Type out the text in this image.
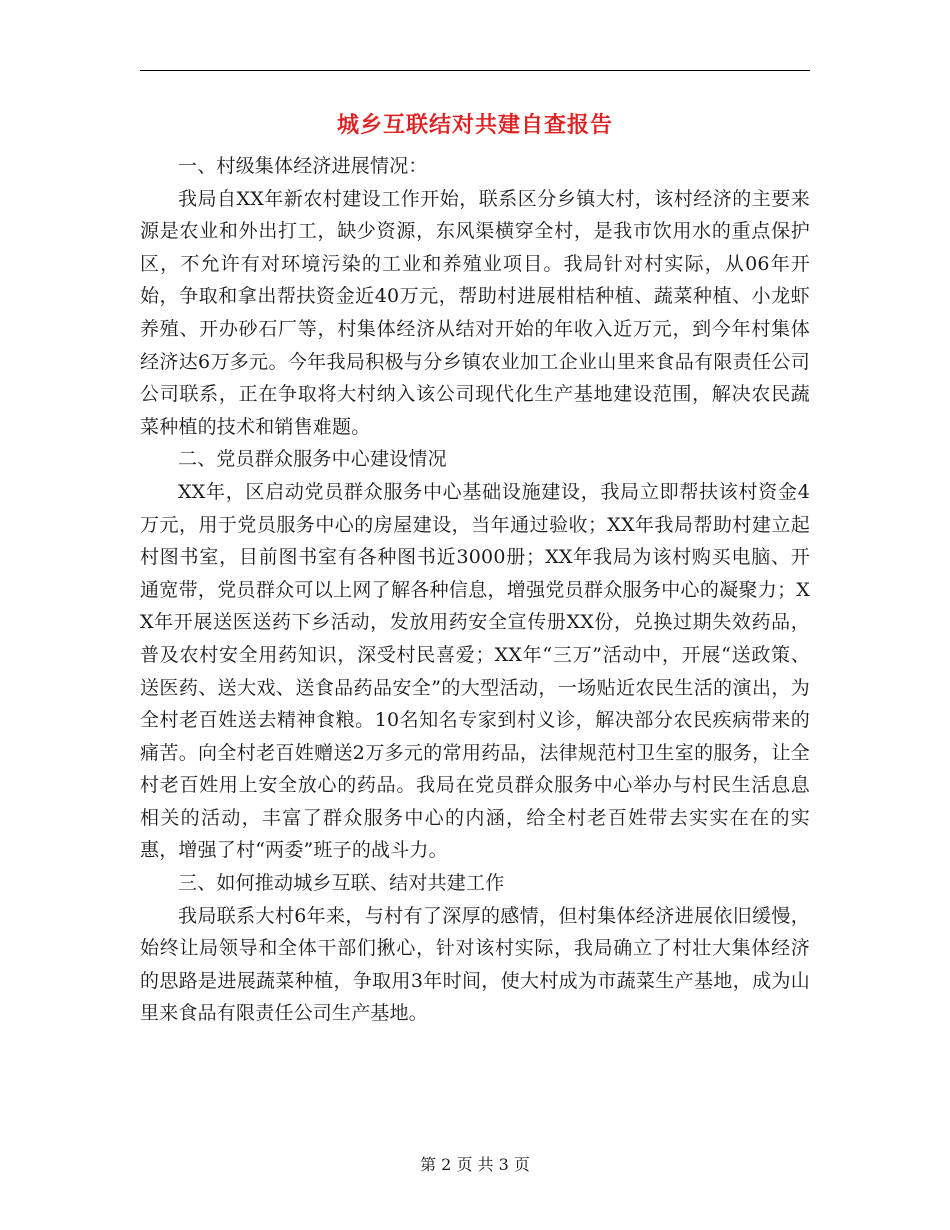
城乡互联结对共建自查报告

一、村级集体经济进展情况：

我局自XX年新农村建设工作开始，联系区分乡镇大村，该村经济的主要来源是农业和外出打工，缺少资源，东风渠横穿全村，是我市饮用水的重点保护区，不允许有对环境污染的工业和养殖业项目。我局针对村实际，从06年开始，争取和拿出帮扶资金近40万元，帮助村进展柑桔种植、蔬菜种植、小龙虾养殖、开办砂石厂等，村集体经济从结对开始的年收入近万元，到今年村集体经济达6万多元。今年我局积极与分乡镇农业加工企业山里来食品有限责任公司公司联系，正在争取将大村纳入该公司现代化生产基地建设范围，解决农民蔬菜种植的技术和销售难题。

二、党员群众服务中心建设情况

XX年，区启动党员群众服务中心基础设施建设，我局立即帮扶该村资金4万元，用于党员服务中心的房屋建设，当年通过验收；XX年我局帮助村建立起村图书室，目前图书室有各种图书近3000册；XX年我局为该村购买电脑、开通宽带，党员群众可以上网了解各种信息，增强党员群众服务中心的凝聚力；XX年开展送医送药下乡活动，发放用药安全宣传册XX份，兑换过期失效药品，普及农村安全用药知识，深受村民喜爱；XX年“三万”活动中，开展“送政策、送医药、送大戏、送食品药品安全”的大型活动，一场贴近农民生活的演出，为全村老百姓送去精神食粮。10名知名专家到村义诊，解决部分农民疾病带来的痛苦。向全村老百姓赠送2万多元的常用药品，法律规范村卫生室的服务，让全村老百姓用上安全放心的药品。我局在党员群众服务中心举办与村民生活息息相关的活动，丰富了群众服务中心的内涵，给全村老百姓带去实实在在的实惠，增强了村“两委”班子的战斗力。

三、如何推动城乡互联、结对共建工作

我局联系大村6年来，与村有了深厚的感情，但村集体经济进展依旧缓慢，始终让局领导和全体干部们揪心，针对该村实际，我局确立了村壮大集体经济的思路是进展蔬菜种植，争取用3年时间，使大村成为市蔬菜生产基地，成为山里来食品有限责任公司生产基地。

第 2 页 共 3 页
